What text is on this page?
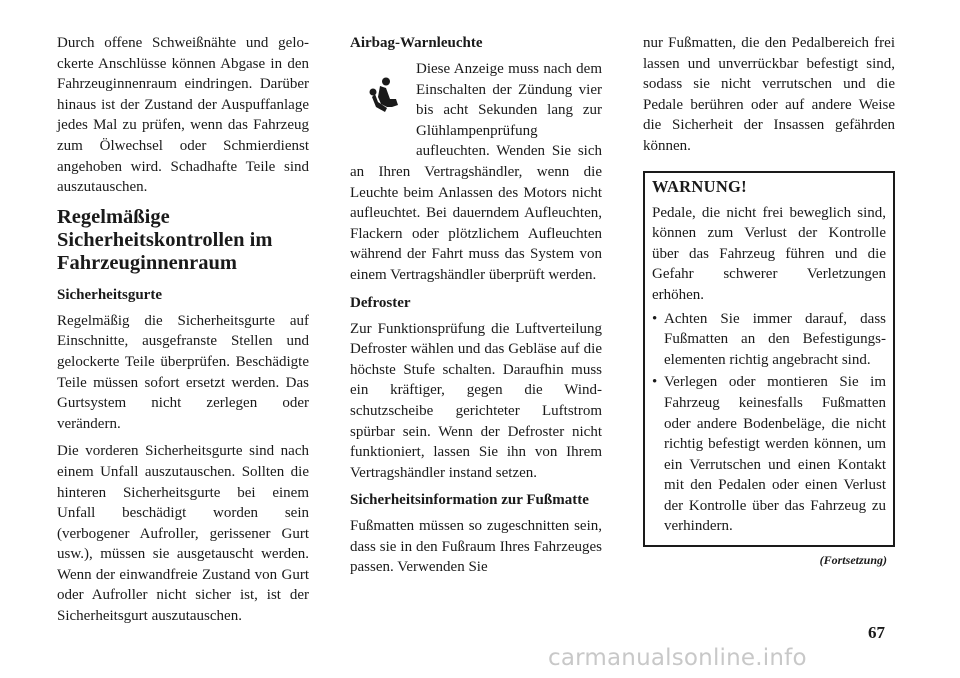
Durch offene Schweißnähte und gelockerte Anschlüsse können Abgase in den Fahrzeuginnenraum eindringen. Darüber hinaus ist der Zustand der Auspuffanlage jedes Mal zu prüfen, wenn das Fahrzeug zum Ölwechsel oder Schmierdienst angehoben wird. Schadhafte Teile sind auszutauschen.

Regelmäßige Sicherheitskontrollen im Fahrzeuginnenraum
Sicherheitsgurte

Regelmäßig die Sicherheitsgurte auf Einschnitte, ausgefranste Stellen und gelockerte Teile überprüfen. Beschädigte Teile müssen sofort ersetzt werden. Das Gurtsystem nicht zerlegen oder verändern.

Die vorderen Sicherheitsgurte sind nach einem Unfall auszutauschen. Sollten die hinteren Sicherheitsgurte bei einem Unfall beschädigt worden sein (verbogener Aufroller, gerissener Gurt usw.), müssen sie ausgetauscht werden. Wenn der einwandfreie Zustand von Gurt oder Aufroller nicht sicher ist, ist der Sicherheitsgurt auszutauschen.

Airbag-Warnleuchte

Diese Anzeige muss nach dem Einschalten der Zündung vier bis acht Sekunden lang zur Glühlampenprüfung aufleuchten. Wenden Sie sich an Ihren Vertragshändler, wenn die Leuchte beim Anlassen des Motors nicht aufleuchtet. Bei dauerndem Aufleuchten, Flackern oder plötzlichem Aufleuchten während der Fahrt muss das System von einem Vertragshändler überprüft werden.

Defroster

Zur Funktionsprüfung die Luftverteilung Defroster wählen und das Gebläse auf die höchste Stufe schalten. Daraufhin muss ein kräftiger, gegen die Windschutzscheibe gerichteter Luftstrom spürbar sein. Wenn der Defroster nicht funktioniert, lassen Sie ihn von Ihrem Vertragshändler instand setzen.

Sicherheitsinformation zur Fußmatte

Fußmatten müssen so zugeschnitten sein, dass sie in den Fußraum Ihres Fahrzeuges passen. Verwenden Sie

nur Fußmatten, die den Pedalbereich frei lassen und unverrückbar befestigt sind, sodass sie nicht verrutschen und die Pedale berühren oder auf andere Weise die Sicherheit der Insassen gefährden können.

WARNUNG!

Pedale, die nicht frei beweglich sind, können zum Verlust der Kontrolle über das Fahrzeug führen und die Gefahr schwerer Verletzungen erhöhen.

• Achten Sie immer darauf, dass Fußmatten an den Befestigungselementen richtig angebracht sind.
• Verlegen oder montieren Sie im Fahrzeug keinesfalls Fußmatten oder andere Bodenbeläge, die nicht richtig befestigt werden können, um ein Verrutschen und einen Kontakt mit den Pedalen oder einen Verlust der Kontrolle über das Fahrzeug zu verhindern.
(Fortsetzung)
67
carmanualsonline.info
